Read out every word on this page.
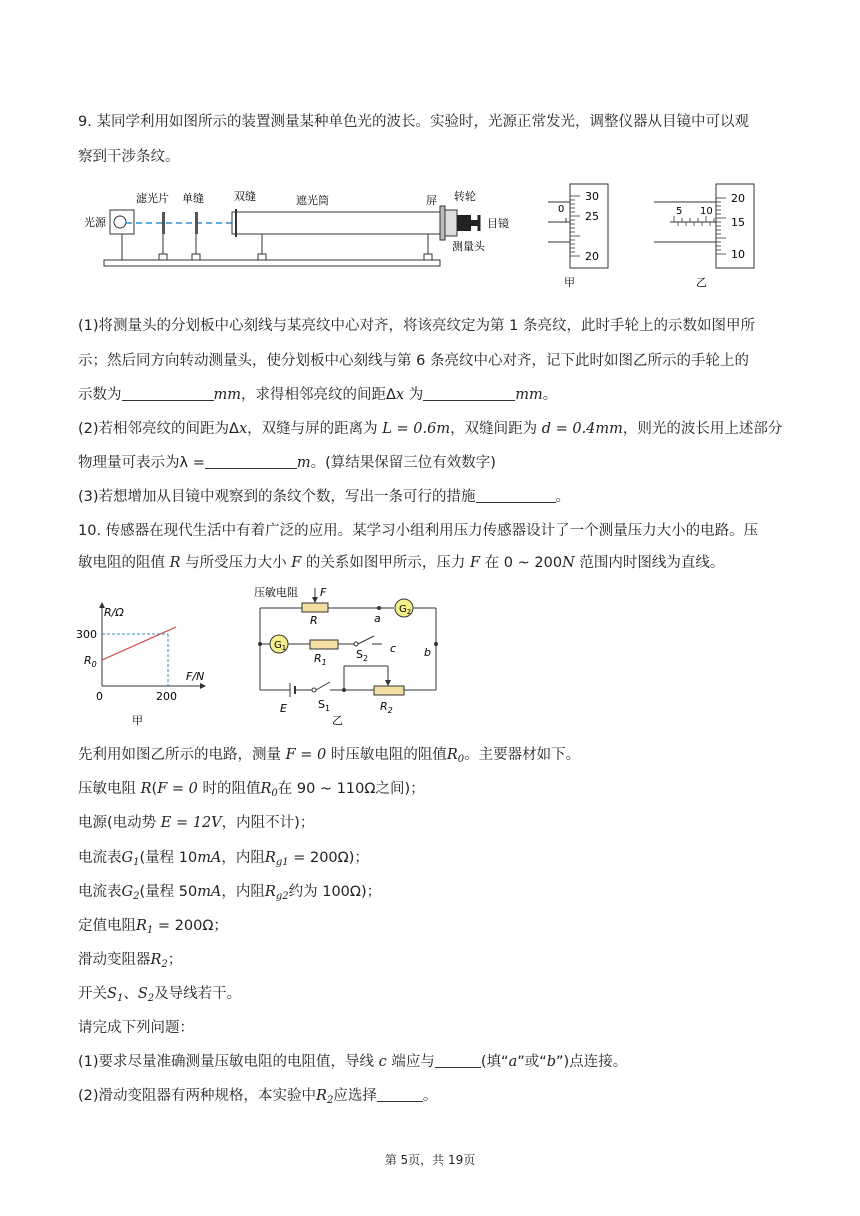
9. 某同学利用如图所示的装置测量某种单色光的波长。实验时，光源正常发光，调整仪器从目镜中可以观
察到干涉条纹。
光源
滤光片 单缝	双缝	遮光筒	屏 转轮
目镜
测量头
0
30
25
20
甲
5 10
20
15
10
乙
(1)将测量头的分划板中心刻线与某亮纹中心对齐，将该亮纹定为第 1 条亮纹，此时手轮上的示数如图甲所
示；然后同方向转动测量头，使分划板中心刻线与第 6 条亮纹中心对齐，记下此时如图乙所示的手轮上的
示数为	mm，求得相邻亮纹的间距Δx 为	mm。
(2)若相邻亮纹的间距为Δx，双缝与屏的距离为 L = 0.6m，双缝间距为 d = 0.4mm，则光的波长用上述部分
物理量可表示为λ =	m。(算结果保留三位有效数字)
(3)若想增加从目镜中观察到的条纹个数，写出一条可行的措施	。
10. 传感器在现代生活中有着广泛的应用。某学习小组利用压力传感器设计了一个测量压力大小的电路。压
敏电阻的阻值 R 与所受压力大小 F 的关系如图甲所示，压力 F 在 0 ~ 200N 范围内时图线为直线。
R/Ω
F/N
300
$R_0$
200
0
甲
压敏电阻 F
R	a
b
c
$G_2$
$G_1$
$R_1$
$S_2$
E	$S_1$	$R_2$
乙
先利用如图乙所示的电路，测量 F = 0 时压敏电阻的阻值$R_0$。主要器材如下。
压敏电阻 R(F = 0 时的阻值$R_0$在 90 ~ 110Ω之间)；
电源(电动势 E = 12V，内阻不计)；
电流表$G_1$(量程 10mA，内阻$R_{g1} = 200\Omega$)；
电流表$G_2$(量程 50mA，内阻$R_{g2}$约为 100Ω)；
定值电阻$R_1 = 200\Omega$；
滑动变阻器$R_2$；
开关$S_1$、$S_2$及导线若干。
请完成下列问题：
(1)要求尽量准确测量压敏电阻的电阻值，导线 c 端应与	(填“a”或“b”)点连接。
(2)滑动变阻器有两种规格，本实验中$R_2$应选择	。
第 5页，共 19页
